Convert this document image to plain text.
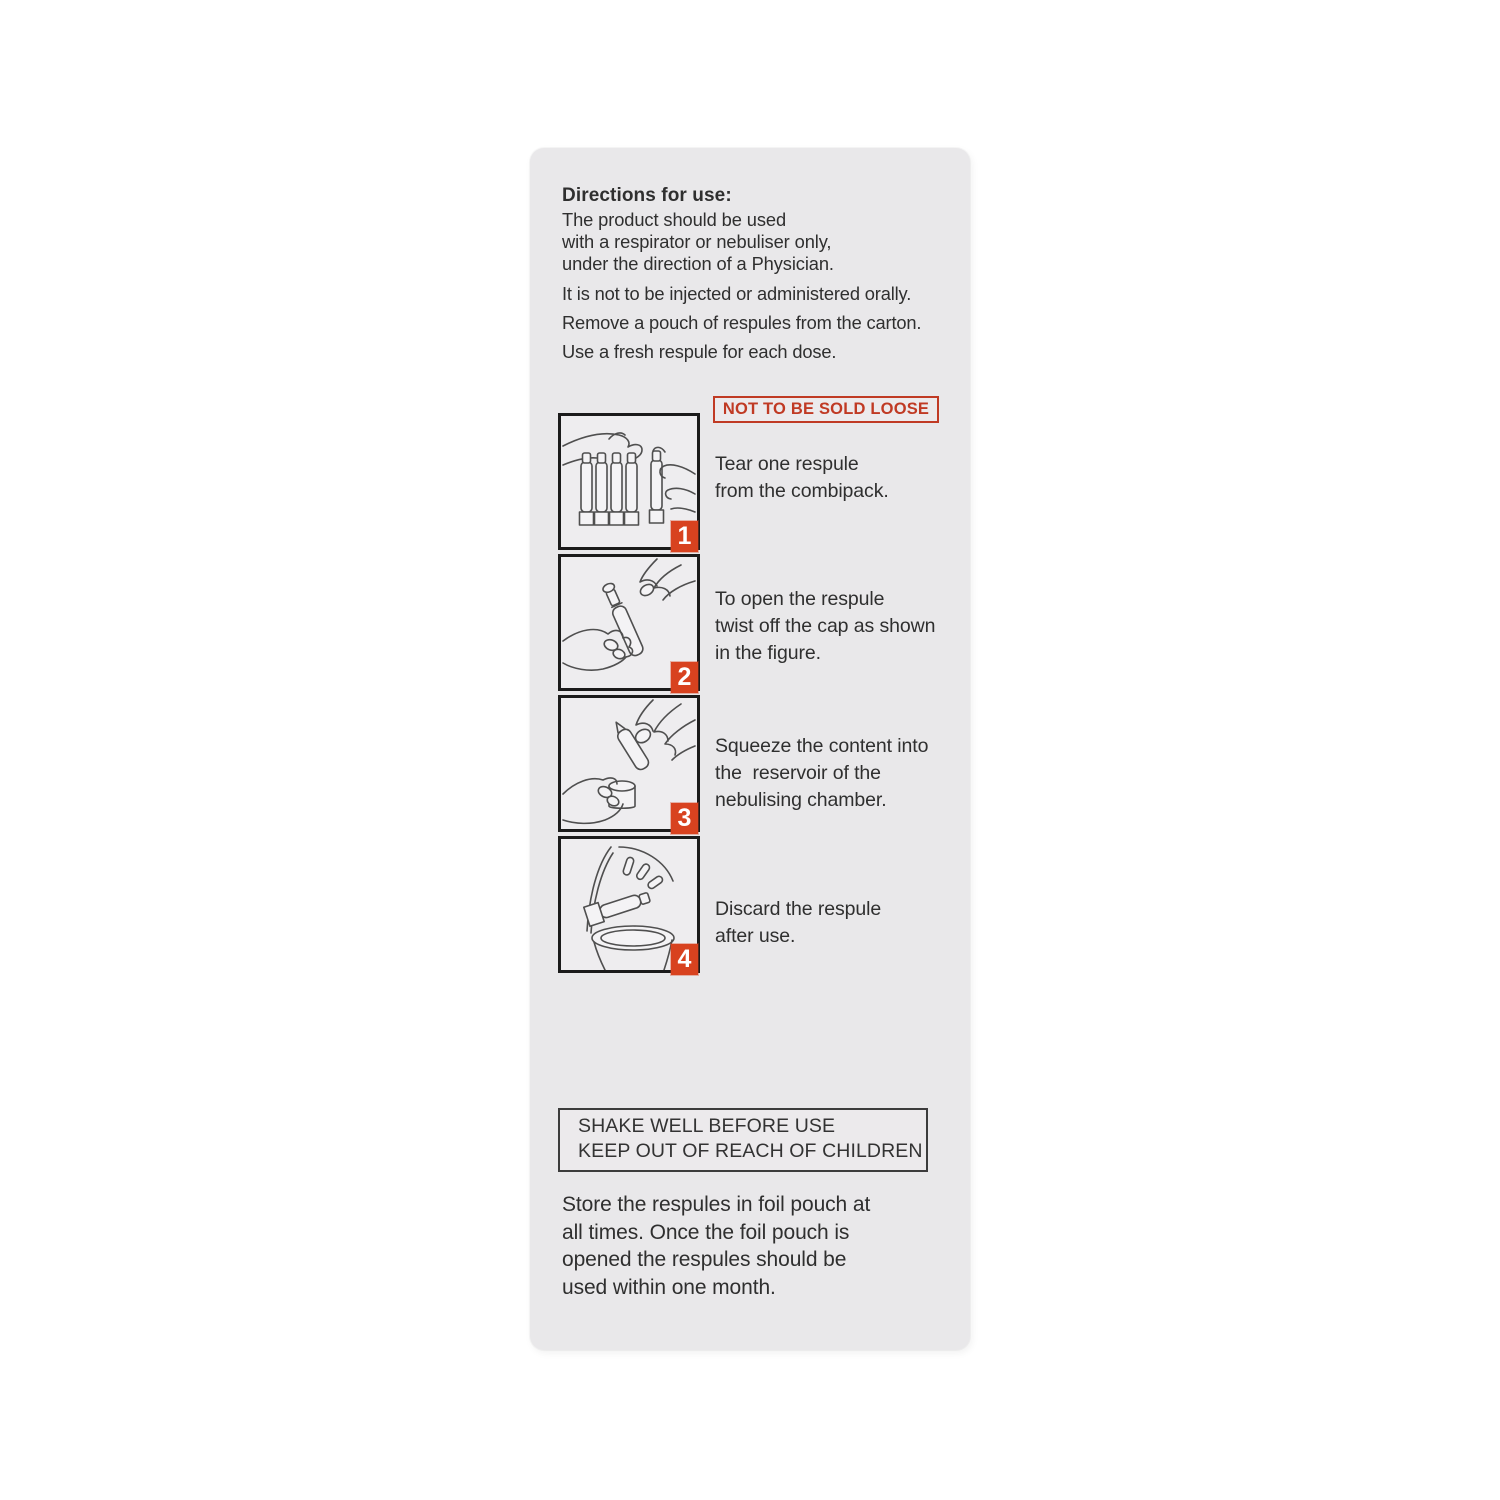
Directions for use:
The product should be used
with a respirator or nebuliser only,
under the direction of a Physician.
It is not to be injected or administered orally.
Remove a pouch of respules from the carton.
Use a fresh respule for each dose.
NOT TO BE SOLD LOOSE
1
2
3
4
Tear one respule
from the combipack.
To open the respule
twist off the cap as shown
in the figure.
Squeeze the content into
the  reservoir of the
nebulising chamber.
Discard the respule
after use.
SHAKE WELL BEFORE USE
KEEP OUT OF REACH OF CHILDREN
Store the respules in foil pouch at
all times. Once the foil pouch is
opened the respules should be
used within one month.
